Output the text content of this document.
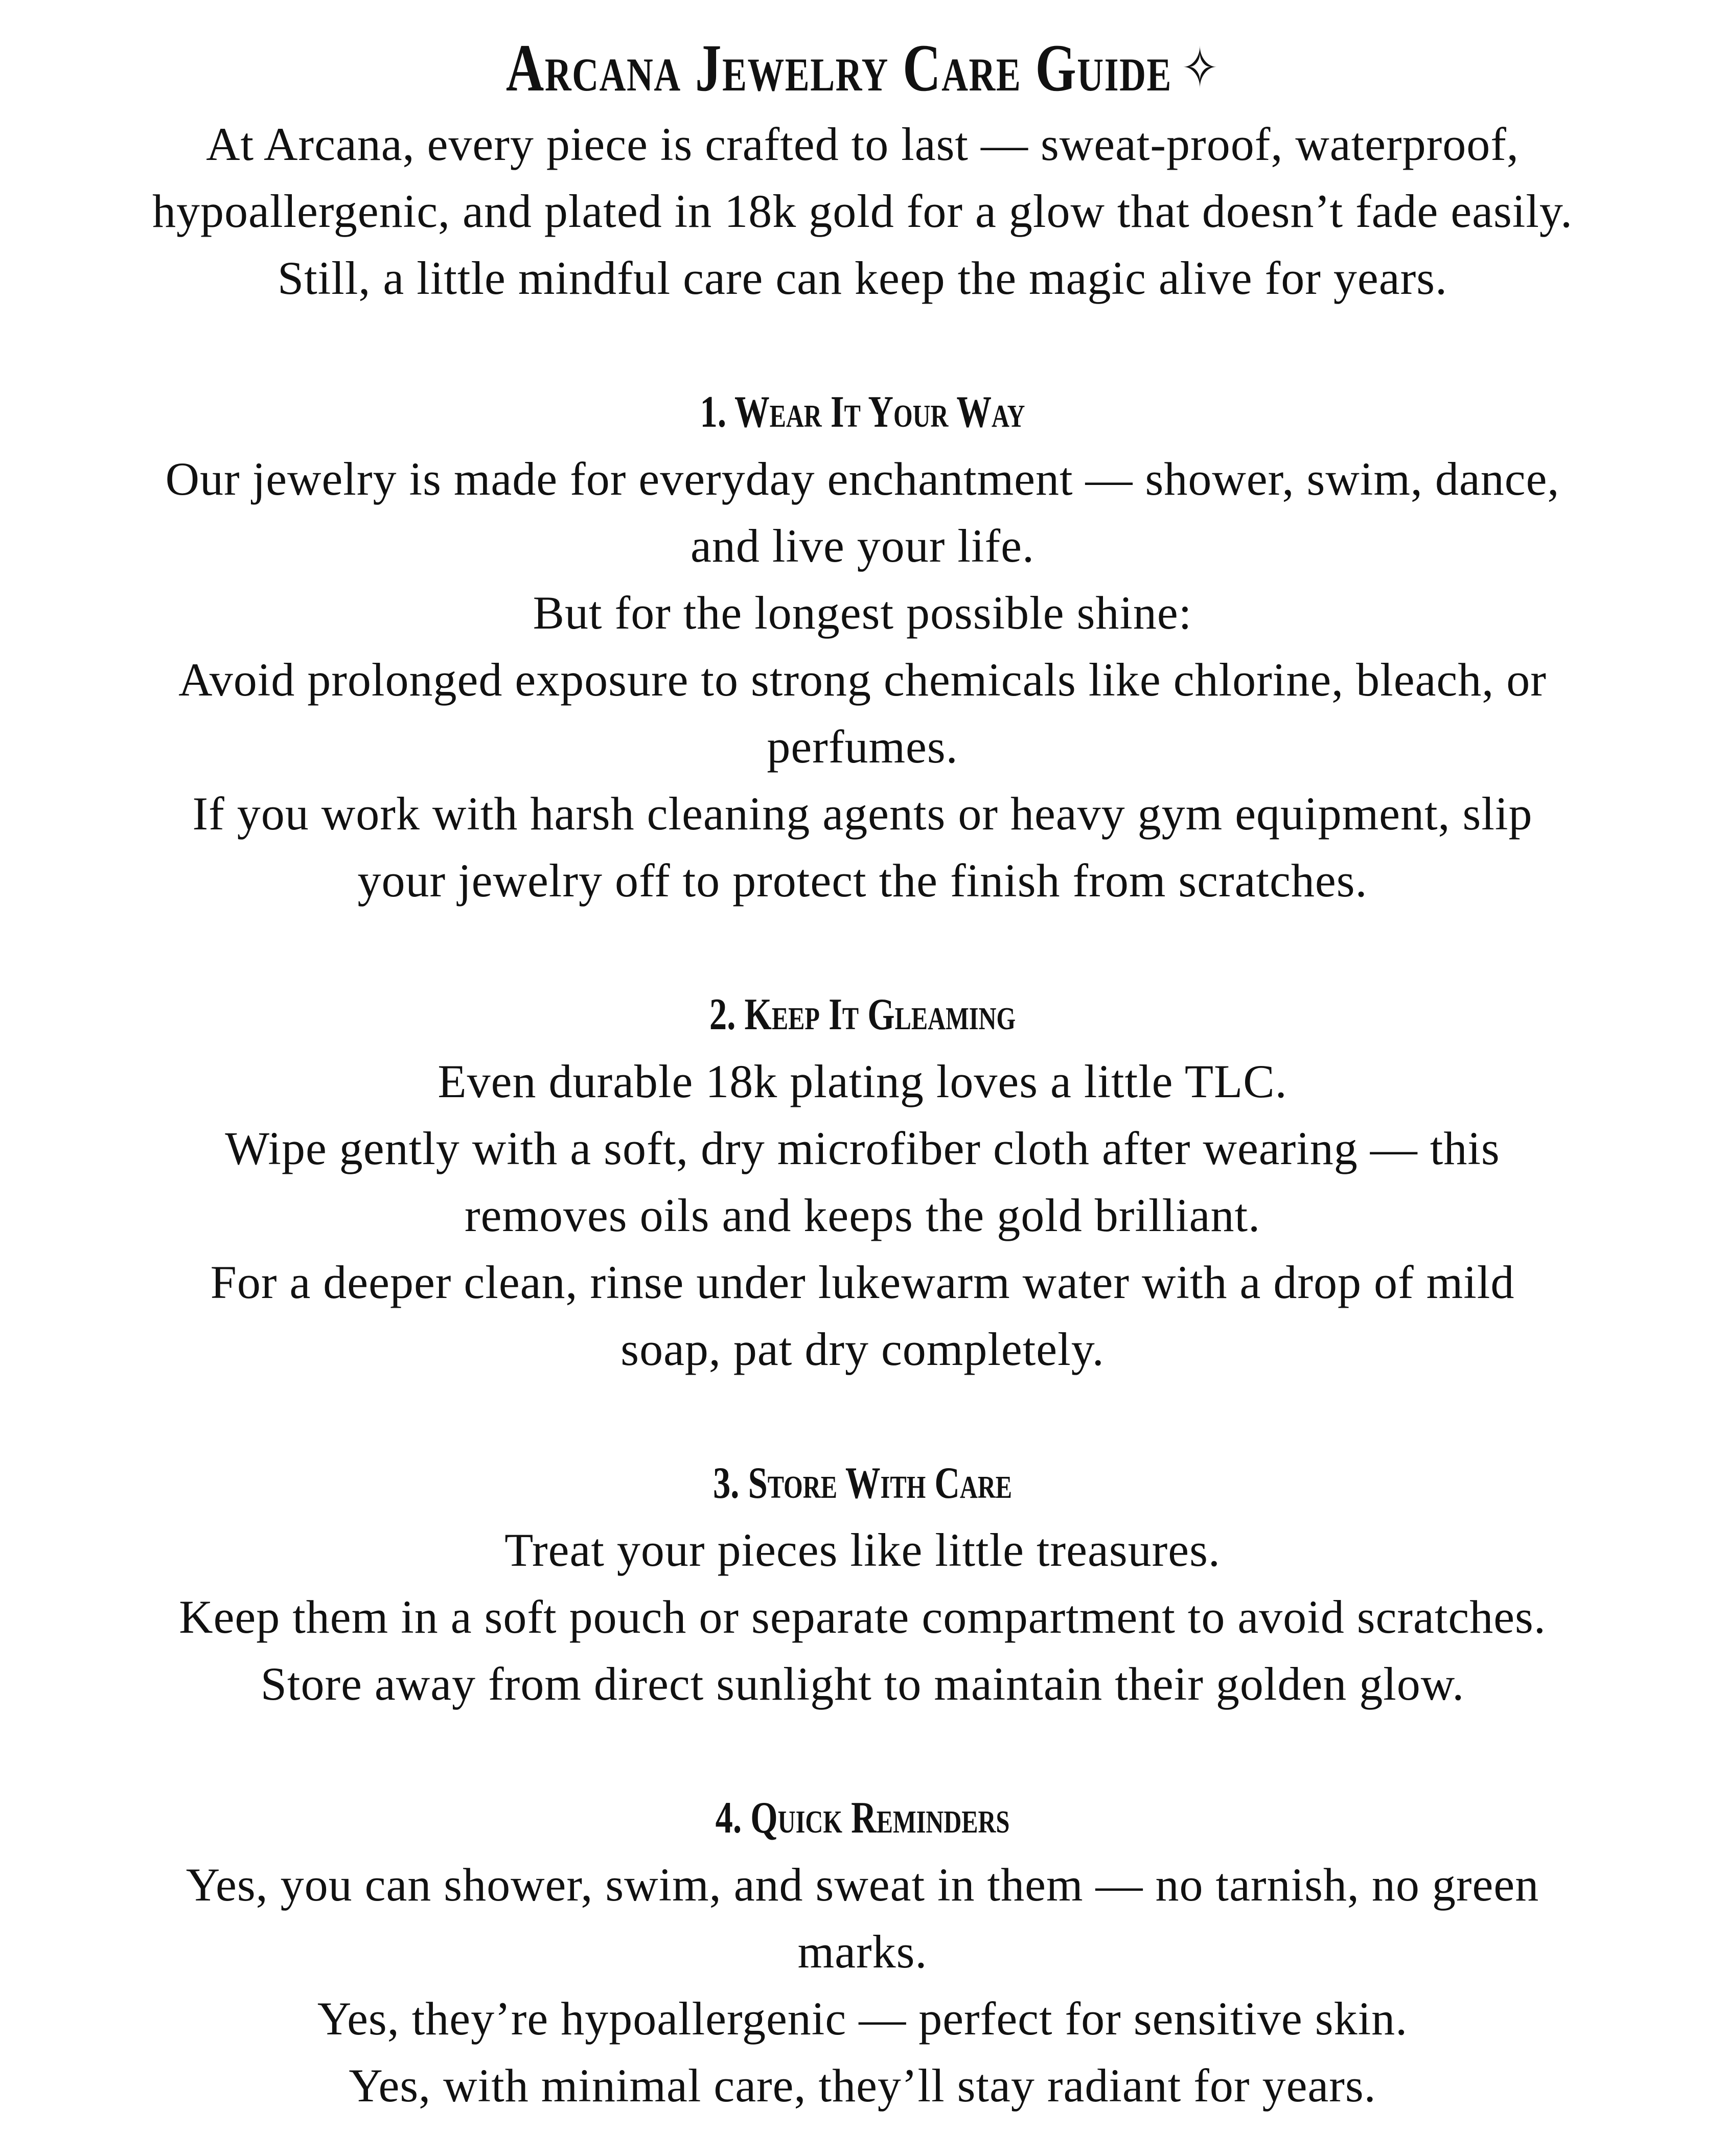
Arcana Jewelry Care Guide ✧

At Arcana, every piece is crafted to last — sweat-proof, waterproof,

hypoallergenic, and plated in 18k gold for a glow that doesn’t fade easily.

Still, a little mindful care can keep the magic alive for years.

1. Wear It Your Way

Our jewelry is made for everyday enchantment — shower, swim, dance,

and live your life.

But for the longest possible shine:

Avoid prolonged exposure to strong chemicals like chlorine, bleach, or

perfumes.

If you work with harsh cleaning agents or heavy gym equipment, slip

your jewelry off to protect the finish from scratches.

2. Keep It Gleaming

Even durable 18k plating loves a little TLC.

Wipe gently with a soft, dry microfiber cloth after wearing — this

removes oils and keeps the gold brilliant.

For a deeper clean, rinse under lukewarm water with a drop of mild

soap, pat dry completely.

3. Store With Care

Treat your pieces like little treasures.

Keep them in a soft pouch or separate compartment to avoid scratches.

Store away from direct sunlight to maintain their golden glow.

4. Quick Reminders

Yes, you can shower, swim, and sweat in them — no tarnish, no green

marks.

Yes, they’re hypoallergenic — perfect for sensitive skin.

Yes, with minimal care, they’ll stay radiant for years.
